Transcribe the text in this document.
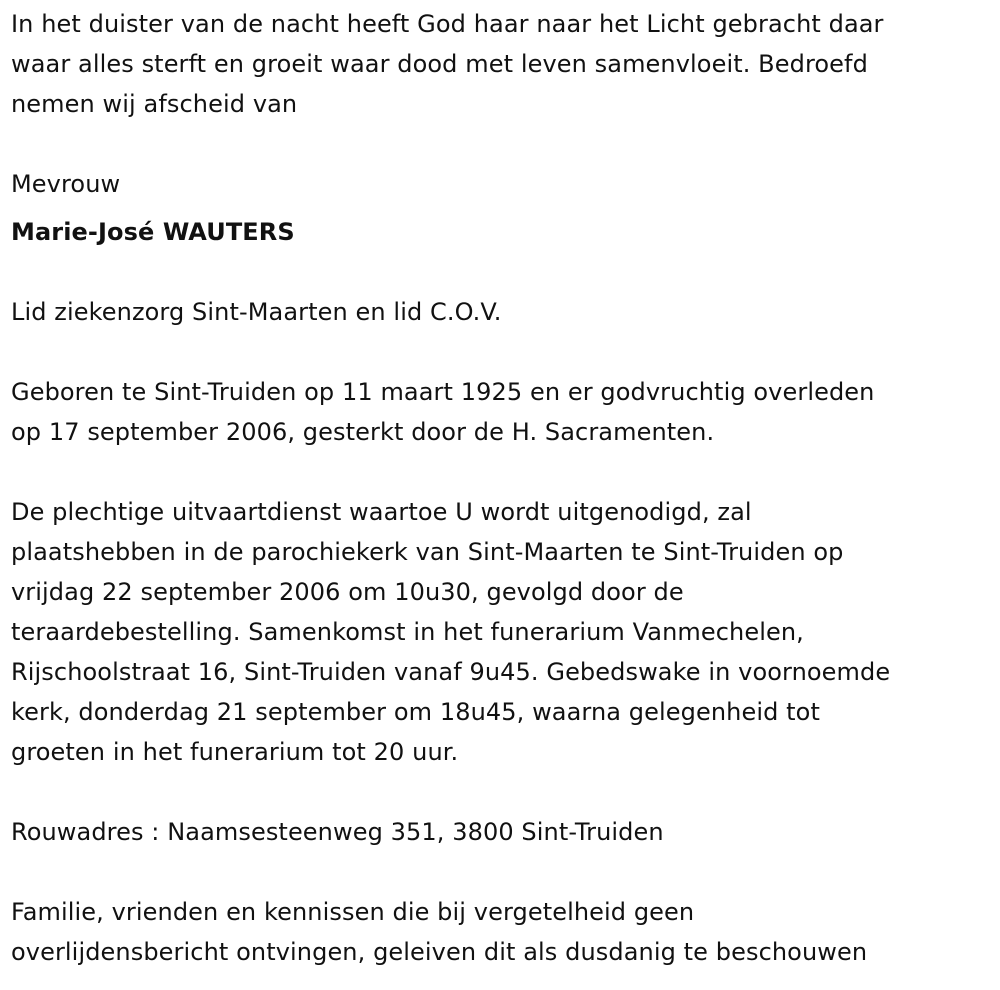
In het duister van de nacht heeft God haar naar het Licht gebracht daar
waar alles sterft en groeit waar dood met leven samenvloeit. Bedroefd
nemen wij afscheid van
Mevrouw
Marie-José WAUTERS
Lid ziekenzorg Sint-Maarten en lid C.O.V.
Geboren te Sint-Truiden op 11 maart 1925 en er godvruchtig overleden
op 17 september 2006, gesterkt door de H. Sacramenten.
De plechtige uitvaartdienst waartoe U wordt uitgenodigd, zal
plaatshebben in de parochiekerk van Sint-Maarten te Sint-Truiden op
vrijdag 22 september 2006 om 10u30, gevolgd door de
teraardebestelling. Samenkomst in het funerarium Vanmechelen,
Rijschoolstraat 16, Sint-Truiden vanaf 9u45. Gebedswake in voornoemde
kerk, donderdag 21 september om 18u45, waarna gelegenheid tot
groeten in het funerarium tot 20 uur.
Rouwadres : Naamsesteenweg 351, 3800 Sint-Truiden
Familie, vrienden en kennissen die bij vergetelheid geen
overlijdensbericht ontvingen, geleiven dit als dusdanig te beschouwen
